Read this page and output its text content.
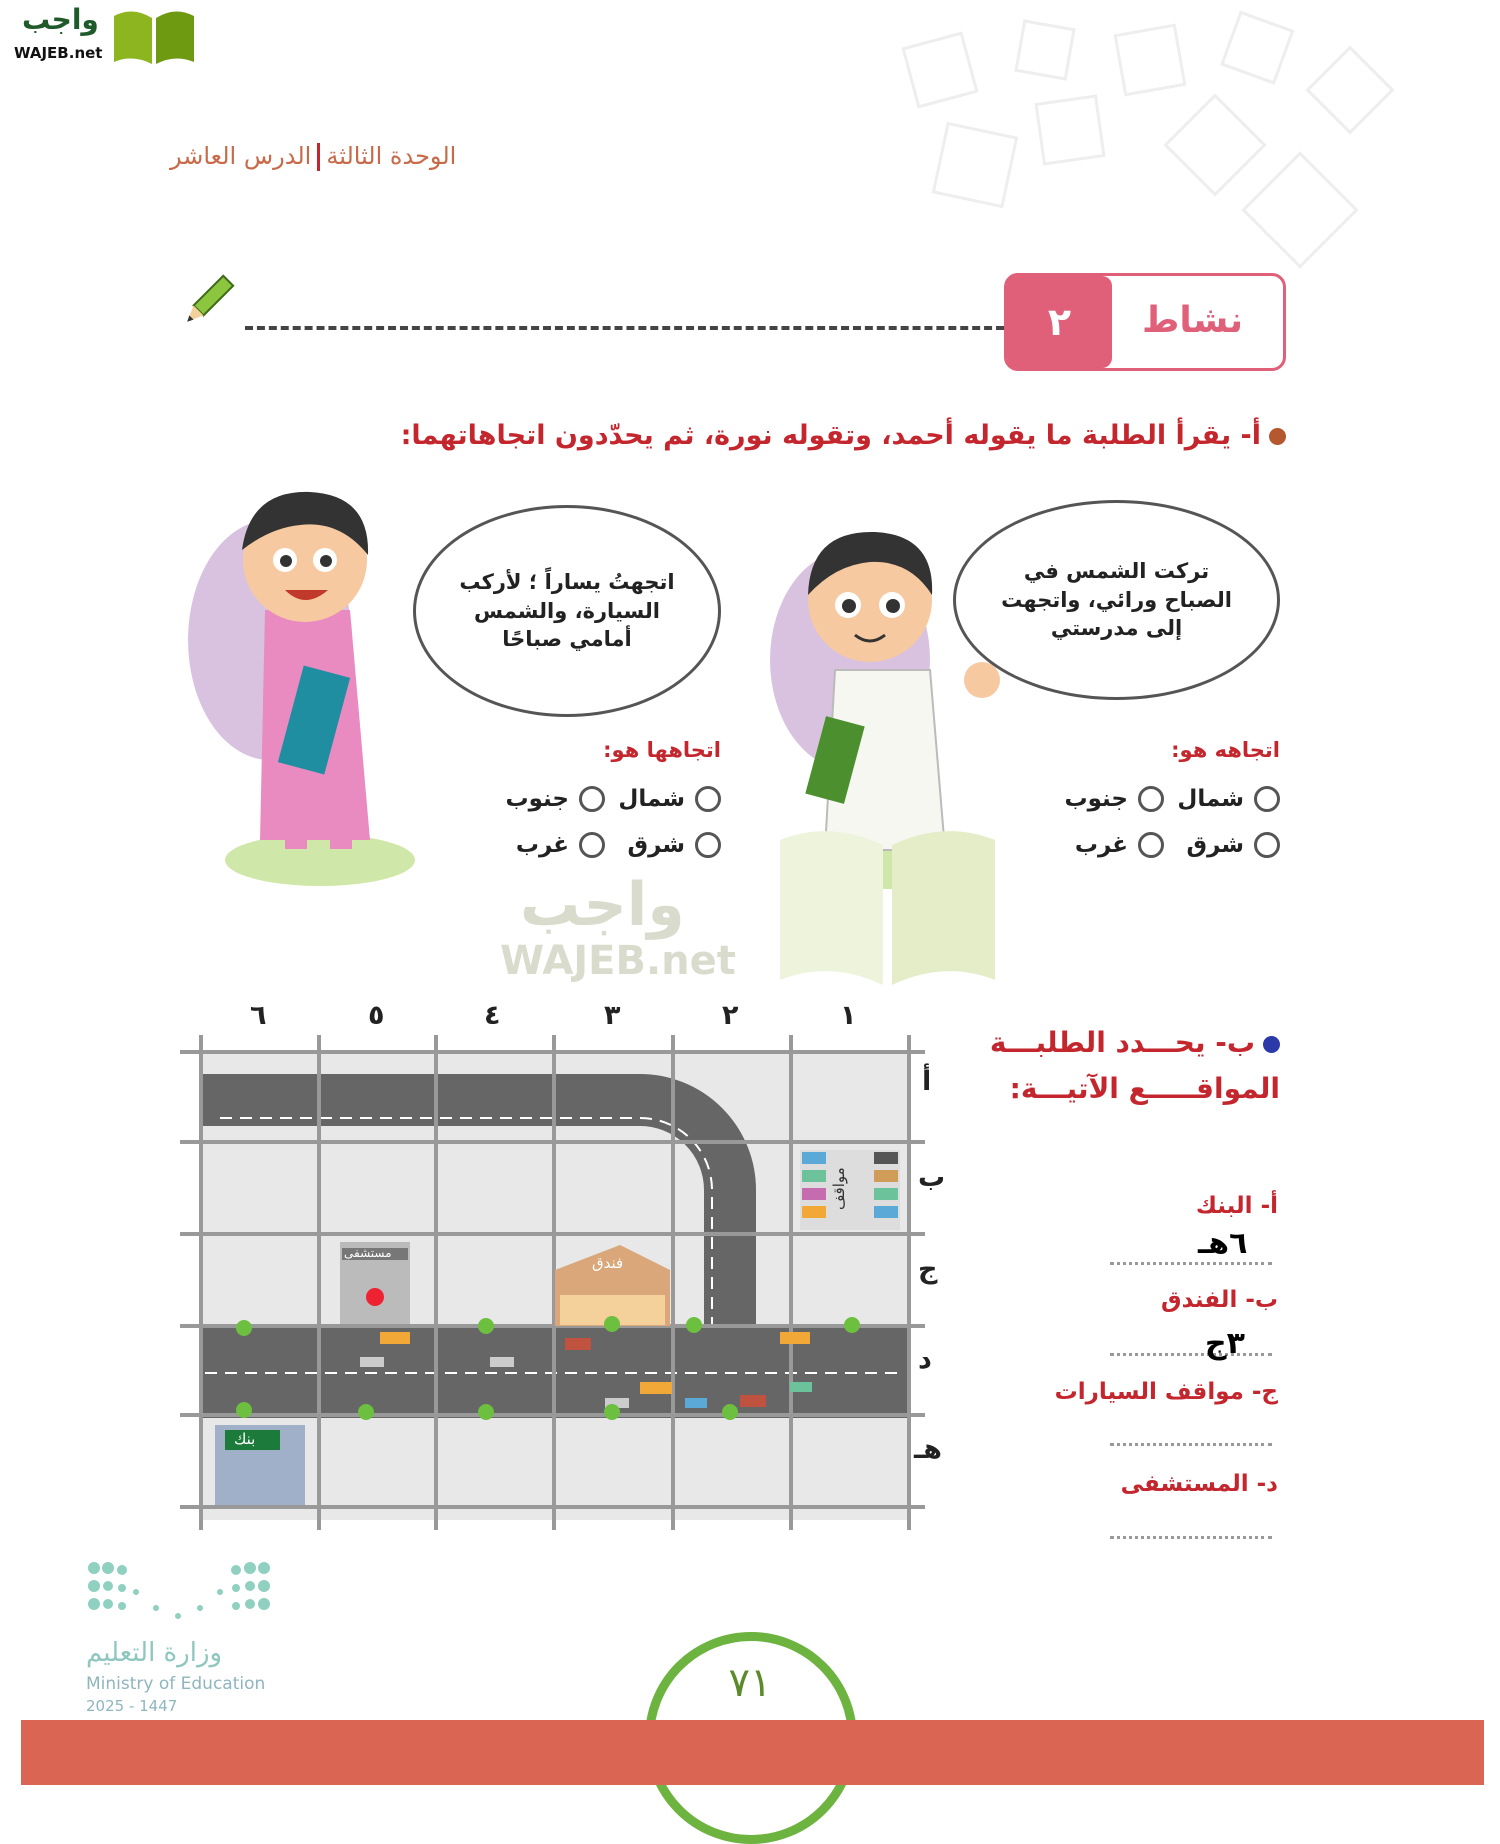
واجب
WAJEB.net
الوحدة الثالثةالدرس العاشر
٢	نشاط
أ- يقرأ الطلبة ما يقوله أحمد، وتقوله نورة، ثم يحدّدون اتجاهاتهما:
اتجهتُ يساراً ؛ لأركب
السيارة، والشمس
أمامي صباحًا
اتجاهها هو:
شمال
جنوب
شرق
غرب
تركت الشمس في
الصباح ورائي، واتجهت
إلى مدرستي
اتجاهه هو:
شمال
جنوب
شرق
غرب
واجب
WAJEB.net
مواقف
فندق
مستشفى
بنك
١
٢
٣
٤
٥
٦
أ
ب
ج
د
هـ
ب- يحـــدد الطلبـــة
المواقـــــع الآتيـــة:
أ- البنك
٦هـ
ب- الفندق
٣ج
ج- مواقف السيارات
د- المستشفى
وزارة التعليم
Ministry of Education
2025 - 1447	٧١
